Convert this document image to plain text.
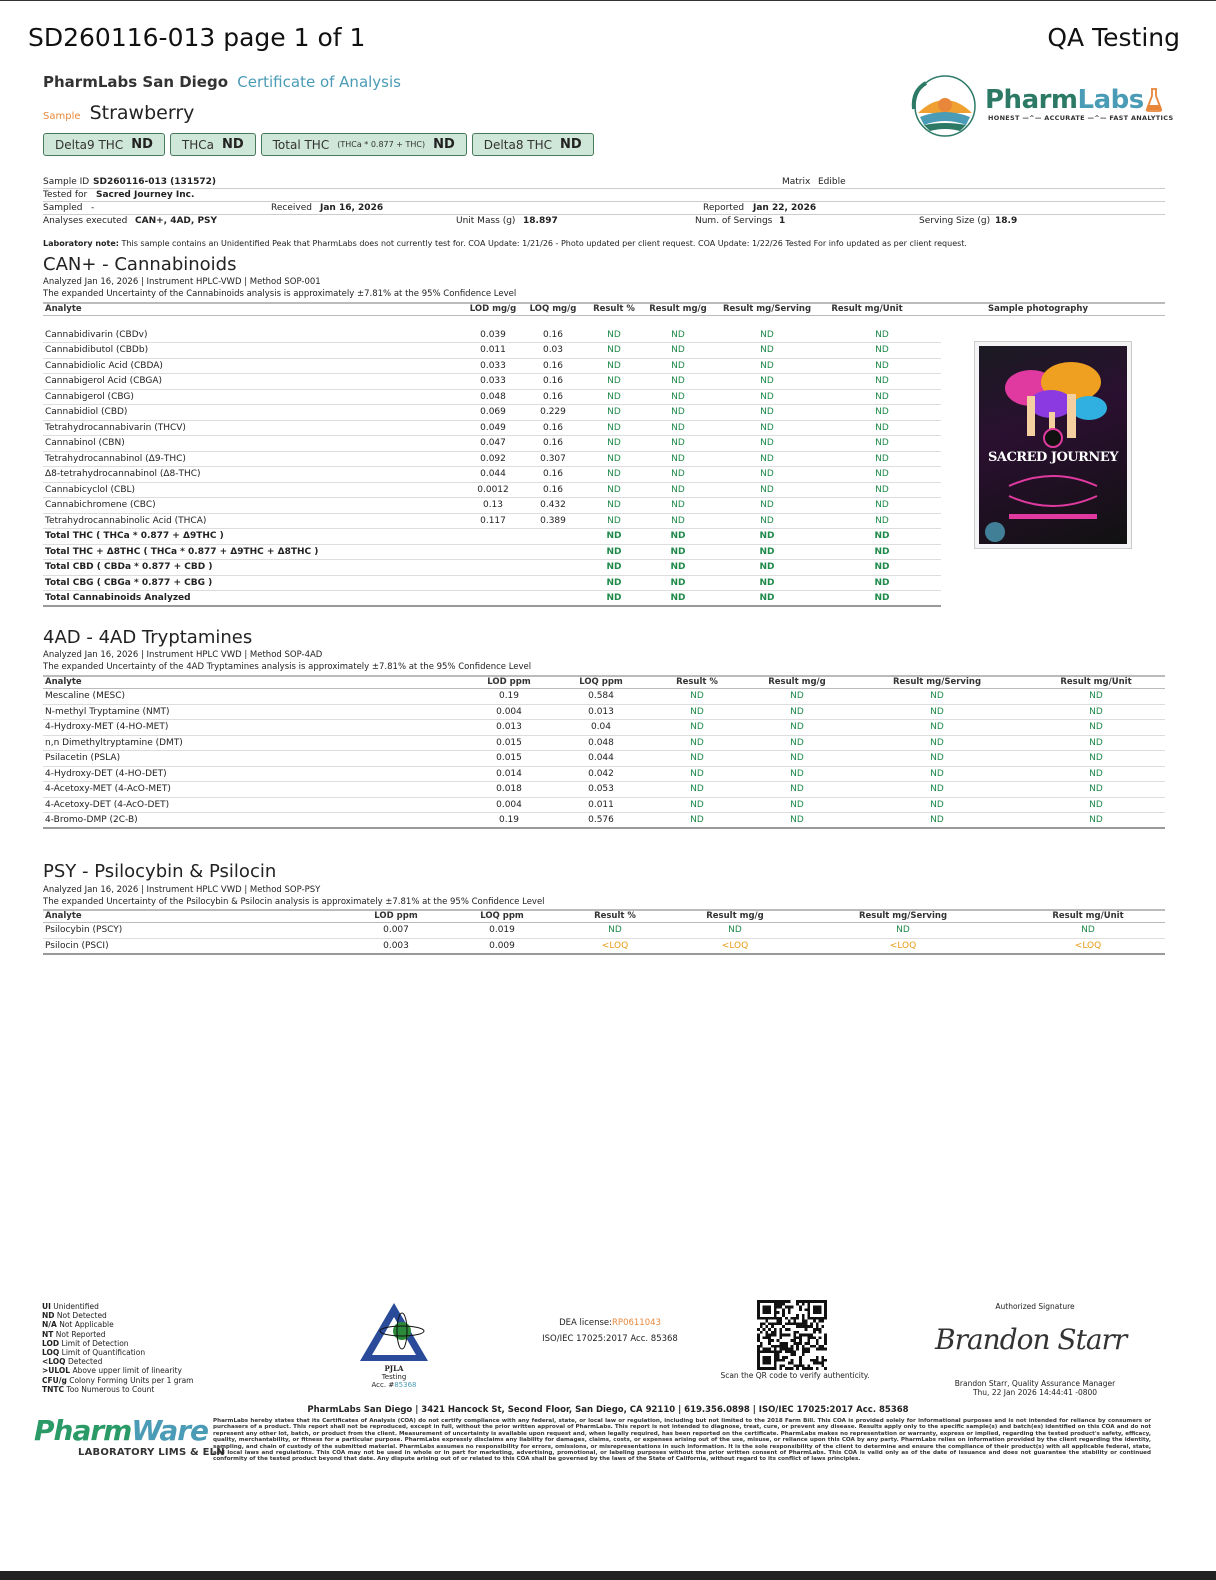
SD260116-013 page 1 of 1	QA Testing
PharmLabs San Diego Certificate of Analysis
Sample Strawberry
Delta9 THC ND THCa ND Total THC (THCa * 0.877 + THC) ND Delta8 THC ND
PharmLabs
HONEST —^— ACCURATE —^— FAST ANALYTICS
Sample ID SD260116-013 (131572)	Matrix Edible
Tested for Sacred Journey Inc.
Sampled -	Received Jan 16, 2026	Reported Jan 22, 2026
Analyses executed CAN+, 4AD, PSY	Unit Mass (g) 18.897	Num. of Servings 1	Serving Size (g) 18.9
Laboratory note: This sample contains an Unidentified Peak that PharmLabs does not currently test for. COA Update: 1/21/26 - Photo updated per client request. COA Update: 1/22/26 Tested For info updated as per client request.
CAN+ - Cannabinoids
Analyzed Jan 16, 2026 | Instrument HPLC-VWD | Method SOP-001
The expanded Uncertainty of the Cannabinoids analysis is approximately ±7.81% at the 95% Confidence Level
Analyte	LOD mg/g	LOQ mg/g	Result %	Result mg/g	Result mg/Serving	Result mg/Unit	Sample photography
Cannabidivarin (CBDv)	0.039	0.16	ND	ND	ND	ND
Cannabidibutol (CBDb)	0.011	0.03	ND	ND	ND	ND
Cannabidiolic Acid (CBDA)	0.033	0.16	ND	ND	ND	ND
Cannabigerol Acid (CBGA)	0.033	0.16	ND	ND	ND	ND
Cannabigerol (CBG)	0.048	0.16	ND	ND	ND	ND
Cannabidiol (CBD)	0.069	0.229	ND	ND	ND	ND
Tetrahydrocannabivarin (THCV)	0.049	0.16	ND	ND	ND	ND
Cannabinol (CBN)	0.047	0.16	ND	ND	ND	ND
Tetrahydrocannabinol (Δ9-THC)	0.092	0.307	ND	ND	ND	ND
Δ8-tetrahydrocannabinol (Δ8-THC)	0.044	0.16	ND	ND	ND	ND
Cannabicyclol (CBL)	0.0012	0.16	ND	ND	ND	ND
Cannabichromene (CBC)	0.13	0.432	ND	ND	ND	ND
Tetrahydrocannabinolic Acid (THCA)	0.117	0.389	ND	ND	ND	ND
Total THC ( THCa * 0.877 + Δ9THC )			ND	ND	ND	ND
Total THC + Δ8THC ( THCa * 0.877 + Δ9THC + Δ8THC )			ND	ND	ND	ND
Total CBD ( CBDa * 0.877 + CBD )			ND	ND	ND	ND
Total CBG ( CBGa * 0.877 + CBG )			ND	ND	ND	ND
Total Cannabinoids Analyzed			ND	ND	ND	ND
SACRED JOURNEY
4AD - 4AD Tryptamines
Analyzed Jan 16, 2026 | Instrument HPLC VWD | Method SOP-4AD
The expanded Uncertainty of the 4AD Tryptamines analysis is approximately ±7.81% at the 95% Confidence Level
Analyte	LOD ppm	LOQ ppm	Result %	Result mg/g	Result mg/Serving	Result mg/Unit
Mescaline (MESC)	0.19	0.584	ND	ND	ND	ND
N-methyl Tryptamine (NMT)	0.004	0.013	ND	ND	ND	ND
4-Hydroxy-MET (4-HO-MET)	0.013	0.04	ND	ND	ND	ND
n,n Dimethyltryptamine (DMT)	0.015	0.048	ND	ND	ND	ND
Psilacetin (PSLA)	0.015	0.044	ND	ND	ND	ND
4-Hydroxy-DET (4-HO-DET)	0.014	0.042	ND	ND	ND	ND
4-Acetoxy-MET (4-AcO-MET)	0.018	0.053	ND	ND	ND	ND
4-Acetoxy-DET (4-AcO-DET)	0.004	0.011	ND	ND	ND	ND
4-Bromo-DMP (2C-B)	0.19	0.576	ND	ND	ND	ND
PSY - Psilocybin & Psilocin
Analyzed Jan 16, 2026 | Instrument HPLC VWD | Method SOP-PSY
The expanded Uncertainty of the Psilocybin & Psilocin analysis is approximately ±7.81% at the 95% Confidence Level
Analyte	LOD ppm	LOQ ppm	Result %	Result mg/g	Result mg/Serving	Result mg/Unit
Psilocybin (PSCY)	0.007	0.019	ND	ND	ND	ND
Psilocin (PSCI)	0.003	0.009	<LOQ	<LOQ	<LOQ	<LOQ
UI Unidentified
ND Not Detected
N/A Not Applicable
NT Not Reported
LOD Limit of Detection
LOQ Limit of Quantification
<LOQ Detected
>ULOL Above upper limit of linearity
CFU/g Colony Forming Units per 1 gram
TNTC Too Numerous to Count
PJLA
Testing
Acc. #85368
DEA license:RP0611043
ISO/IEC 17025:2017 Acc. 85368
Scan the QR code to verify authenticity.
Authorized Signature
Brandon Starr
Brandon Starr, Quality Assurance Manager
Thu, 22 Jan 2026 14:44:41 -0800
PharmLabs San Diego | 3421 Hancock St, Second Floor, San Diego, CA 92110 | 619.356.0898 | ISO/IEC 17025:2017 Acc. 85368
PharmWare
LABORATORY LIMS & ELN
PharmLabs hereby states that its Certificates of Analysis (COA) do not certify compliance with any federal, state, or local law or regulation, including but not limited to the 2018 Farm Bill. This COA is provided solely for informational purposes and is not intended for reliance by consumers or purchasers of a product. This report shall not be reproduced, except in full, without the prior written approval of PharmLabs. This report is not intended to diagnose, treat, cure, or prevent any disease. Results apply only to the specific sample(s) and batch(es) identified on this COA and do not represent any other lot, batch, or product from the client. Measurement of uncertainty is available upon request and, when legally required, has been reported on the certificate. PharmLabs makes no representation or warranty, express or implied, regarding the tested product's safety, efficacy, quality, merchantability, or fitness for a particular purpose. PharmLabs expressly disclaims any liability for damages, claims, costs, or expenses arising out of the use, misuse, or reliance upon this COA by any party. PharmLabs relies on information provided by the client regarding the identity, sampling, and chain of custody of the submitted material. PharmLabs assumes no responsibility for errors, omissions, or misrepresentations in such information. It is the sole responsibility of the client to determine and ensure the compliance of their product(s) with all applicable federal, state, and local laws and regulations. This COA may not be used in whole or in part for marketing, advertising, promotional, or labeling purposes without the prior written consent of PharmLabs. This COA is valid only as of the date of issuance and does not guarantee the stability or continued conformity of the tested product beyond that date. Any dispute arising out of or related to this COA shall be governed by the laws of the State of California, without regard to its conflict of laws principles.
